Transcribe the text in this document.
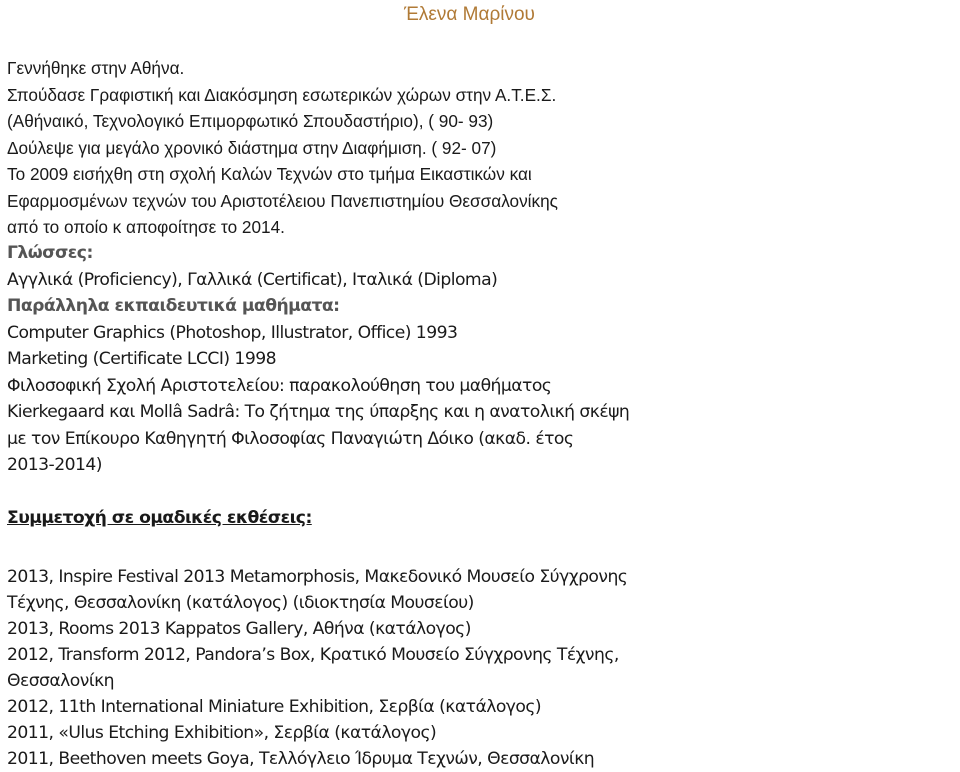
Έλενα Μαρίνου
Γεννήθηκε στην Αθήνα.
Σπούδασε Γραφιστική και Διακόσμηση εσωτερικών χώρων στην Α.Τ.Ε.Σ.
(Αθήναικό, Τεχνολογικό Επιμορφωτικό Σπουδαστήριο), ( 90- 93)
Δούλεψε για μεγάλο χρονικό διάστημα στην Διαφήμιση. ( 92- 07)
Το 2009 εισήχθη στη σχολή Καλών Τεχνών στο τμήμα Εικαστικών και
Εφαρμοσμένων τεχνών του Αριστοτέλειου Πανεπιστημίου Θεσσαλονίκης
από το οποίο κ αποφοίτησε το 2014.
Γλώσσες:
Αγγλικά (Proficiency), Γαλλικά (Certificat), Ιταλικά (Diploma)
Παράλληλα εκπαιδευτικά μαθήματα:
Computer Graphics (Photoshop, Illustrator, Office) 1993
Marketing (Certificate LCCI) 1998
Φιλοσοφική Σχολή Αριστοτελείου: παρακολούθηση του μαθήματος
Kierkegaard και Mollâ Sadrâ: Το ζήτημα της ύπαρξης και η ανατολική σκέψη
με τον Επίκουρο Καθηγητή Φιλοσοφίας Παναγιώτη Δόικο (ακαδ. έτος
2013-2014)
Συμμετοχή σε ομαδικές εκθέσεις:
2013, Inspire Festival 2013 Metamorphosis, Μακεδονικό Μουσείο Σύγχρονης
Τέχνης, Θεσσαλονίκη (κατάλογος) (ιδιοκτησία Μουσείου)
2013, Rooms 2013 Kappatos Gallery, Αθήνα (κατάλογος)
2012, Transform 2012, Pandora’s Box, Κρατικό Μουσείο Σύγχρονης Τέχνης,
Θεσσαλονίκη
2012, 11th International Miniature Exhibition, Σερβία (κατάλογος)
2011, «Ulus Etching Exhibition», Σερβία (κατάλογος)
2011, Beethoven meets Goya, Τελλόγλειο Ίδρυμα Τεχνών, Θεσσαλονίκη
